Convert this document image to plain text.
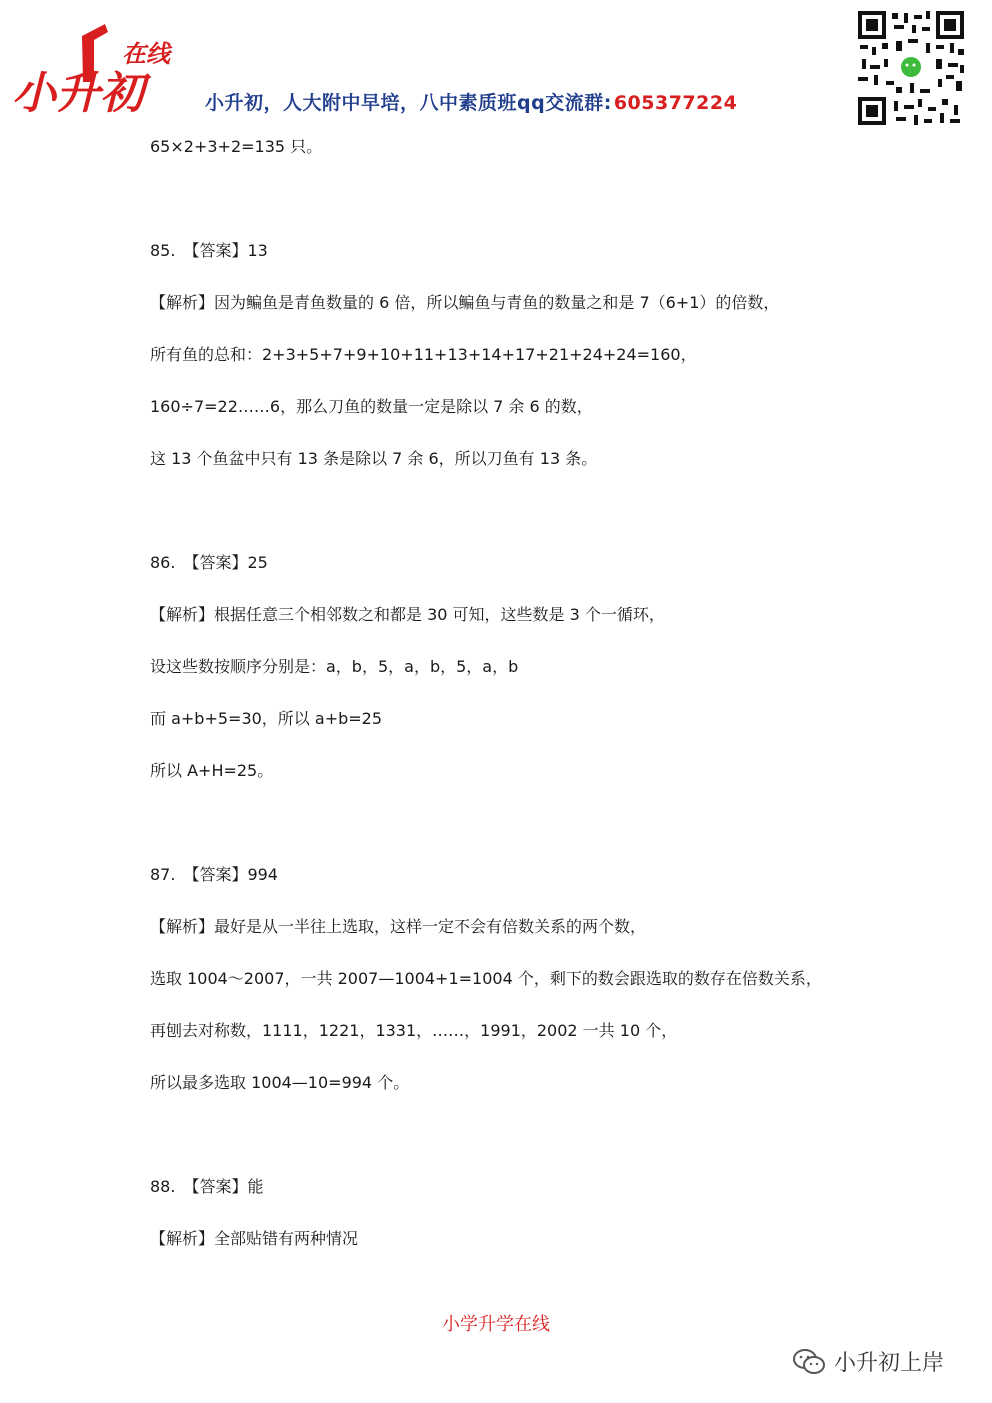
在线
小升初	小升初，人大附中早培，八中素质班qq交流群: 605377224
65×2+3+2=135 只。
85.　【答案】13
【解析】因为鳊鱼是青鱼数量的 6 倍，所以鳊鱼与青鱼的数量之和是 7（6+1）的倍数，
所有鱼的总和：2+3+5+7+9+10+11+13+14+17+21+24+24=160，
160÷7=22……6，那么刀鱼的数量一定是除以 7 余 6 的数，
这 13 个鱼盆中只有 13 条是除以 7 余 6，所以刀鱼有 13 条。
86.　【答案】25
【解析】根据任意三个相邻数之和都是 30 可知，这些数是 3 个一循环，
设这些数按顺序分别是：a，b，5，a，b，5，a，b
而 a+b+5=30，所以 a+b=25
所以 A+H=25。
87.　【答案】994
【解析】最好是从一半往上选取，这样一定不会有倍数关系的两个数，
选取 1004～2007，一共 2007—1004+1=1004 个，剩下的数会跟选取的数存在倍数关系，
再刨去对称数，1111，1221，1331，……，1991，2002 一共 10 个，
所以最多选取 1004—10=994 个。
88.　【答案】能
【解析】全部贴错有两种情况
小学升学在线
小升初上岸
